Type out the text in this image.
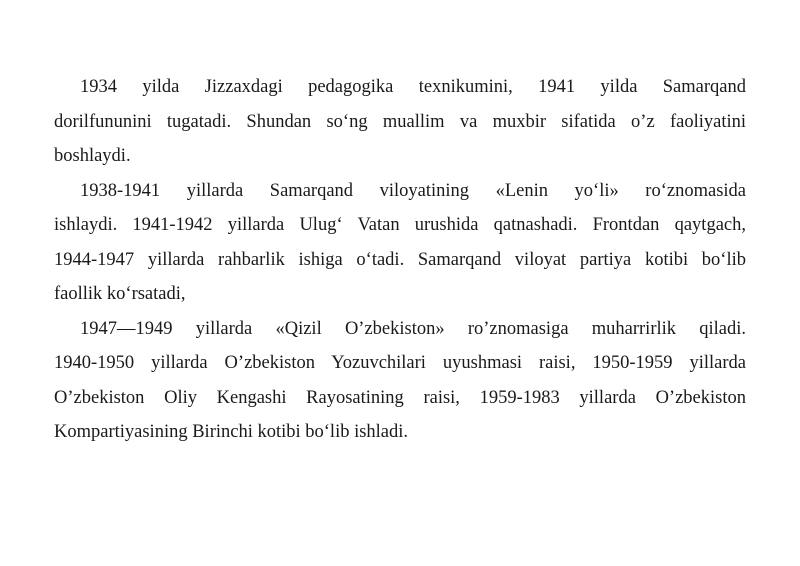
1934 yilda Jizzaxdagi pedagogika texnikumini, 1941 yilda Samarqand
dorilfununini tugatadi. Shundan so‘ng muallim va muxbir sifatida o’z faoliyatini
boshlaydi.
1938-1941 yillarda Samarqand viloyatining «Lenin yo‘li» ro‘znomasida
ishlaydi. 1941-1942 yillarda Ulug‘ Vatan urushida qatnashadi. Frontdan qaytgach,
1944-1947 yillarda rahbarlik ishiga o‘tadi. Samarqand viloyat partiya kotibi bo‘lib
faollik ko‘rsatadi,
1947—1949 yillarda «Qizil O’zbekiston» ro’znomasiga muharrirlik qiladi.
1940-1950 yillarda O’zbekiston Yozuvchilari uyushmasi raisi, 1950-1959 yillarda
O’zbekiston Oliy Kengashi Rayosatining raisi, 1959-1983 yillarda O’zbekiston
Kompartiyasining Birinchi kotibi bo‘lib ishladi.
